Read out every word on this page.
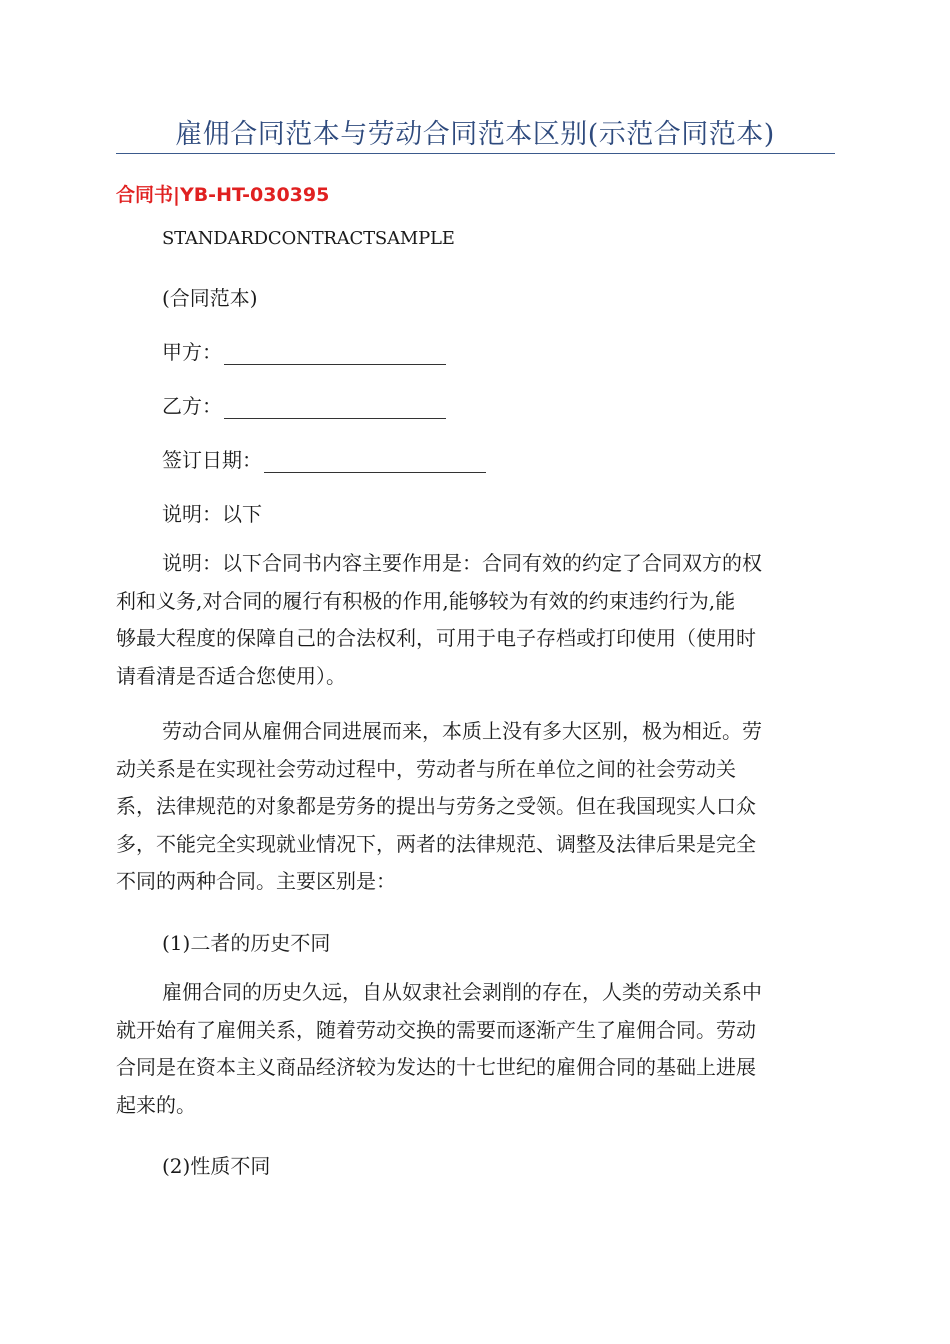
雇佣合同范本与劳动合同范本区别(示范合同范本)
合同书|YB-HT-030395
STANDARDCONTRACTSAMPLE
(合同范本)
甲方：
乙方：
签订日期：
说明：以下
说明：以下合同书内容主要作用是：合同有效的约定了合同双方的权
利和义务,对合同的履行有积极的作用,能够较为有效的约束违约行为,能
够最大程度的保障自己的合法权利，可用于电子存档或打印使用（使用时
请看清是否适合您使用）。
劳动合同从雇佣合同进展而来，本质上没有多大区别，极为相近。劳
动关系是在实现社会劳动过程中，劳动者与所在单位之间的社会劳动关
系，法律规范的对象都是劳务的提出与劳务之受领。但在我国现实人口众
多，不能完全实现就业情况下，两者的法律规范、调整及法律后果是完全
不同的两种合同。主要区别是：
(1)二者的历史不同
雇佣合同的历史久远，自从奴隶社会剥削的存在，人类的劳动关系中
就开始有了雇佣关系，随着劳动交换的需要而逐渐产生了雇佣合同。劳动
合同是在资本主义商品经济较为发达的十七世纪的雇佣合同的基础上进展
起来的。
(2)性质不同
